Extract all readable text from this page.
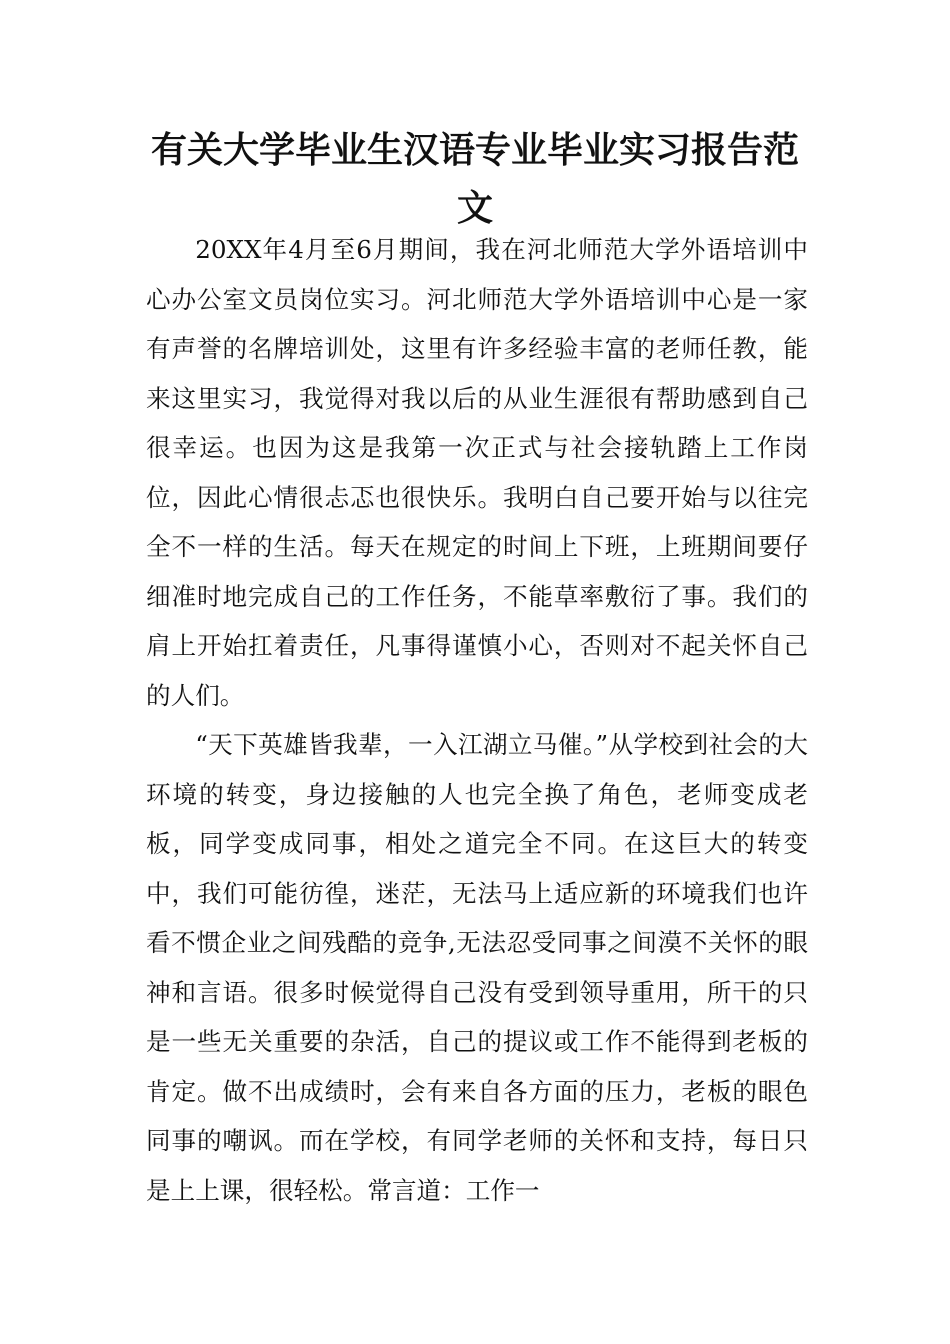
有关大学毕业生汉语专业毕业实习报告范文

20XX年4月至6月期间，我在河北师范大学外语培训中心办公室文员岗位实习。河北师范大学外语培训中心是一家有声誉的名牌培训处，这里有许多经验丰富的老师任教，能来这里实习，我觉得对我以后的从业生涯很有帮助感到自己很幸运。也因为这是我第一次正式与社会接轨踏上工作岗位，因此心情很忐忑也很快乐。我明白自己要开始与以往完全不一样的生活。每天在规定的时间上下班，上班期间要仔细准时地完成自己的工作任务，不能草率敷衍了事。我们的肩上开始扛着责任，凡事得谨慎小心，否则对不起关怀自己的人们。

“天下英雄皆我辈，一入江湖立马催。”从学校到社会的大环境的转变，身边接触的人也完全换了角色，老师变成老板，同学变成同事，相处之道完全不同。在这巨大的转变中，我们可能彷徨，迷茫，无法马上适应新的环境我们也许看不惯企业之间残酷的竞争,无法忍受同事之间漠不关怀的眼神和言语。很多时候觉得自己没有受到领导重用，所干的只是一些无关重要的杂活，自己的提议或工作不能得到老板的肯定。做不出成绩时，会有来自各方面的压力，老板的眼色同事的嘲讽。而在学校，有同学老师的关怀和支持，每日只是上上课，很轻松。常言道：工作一
